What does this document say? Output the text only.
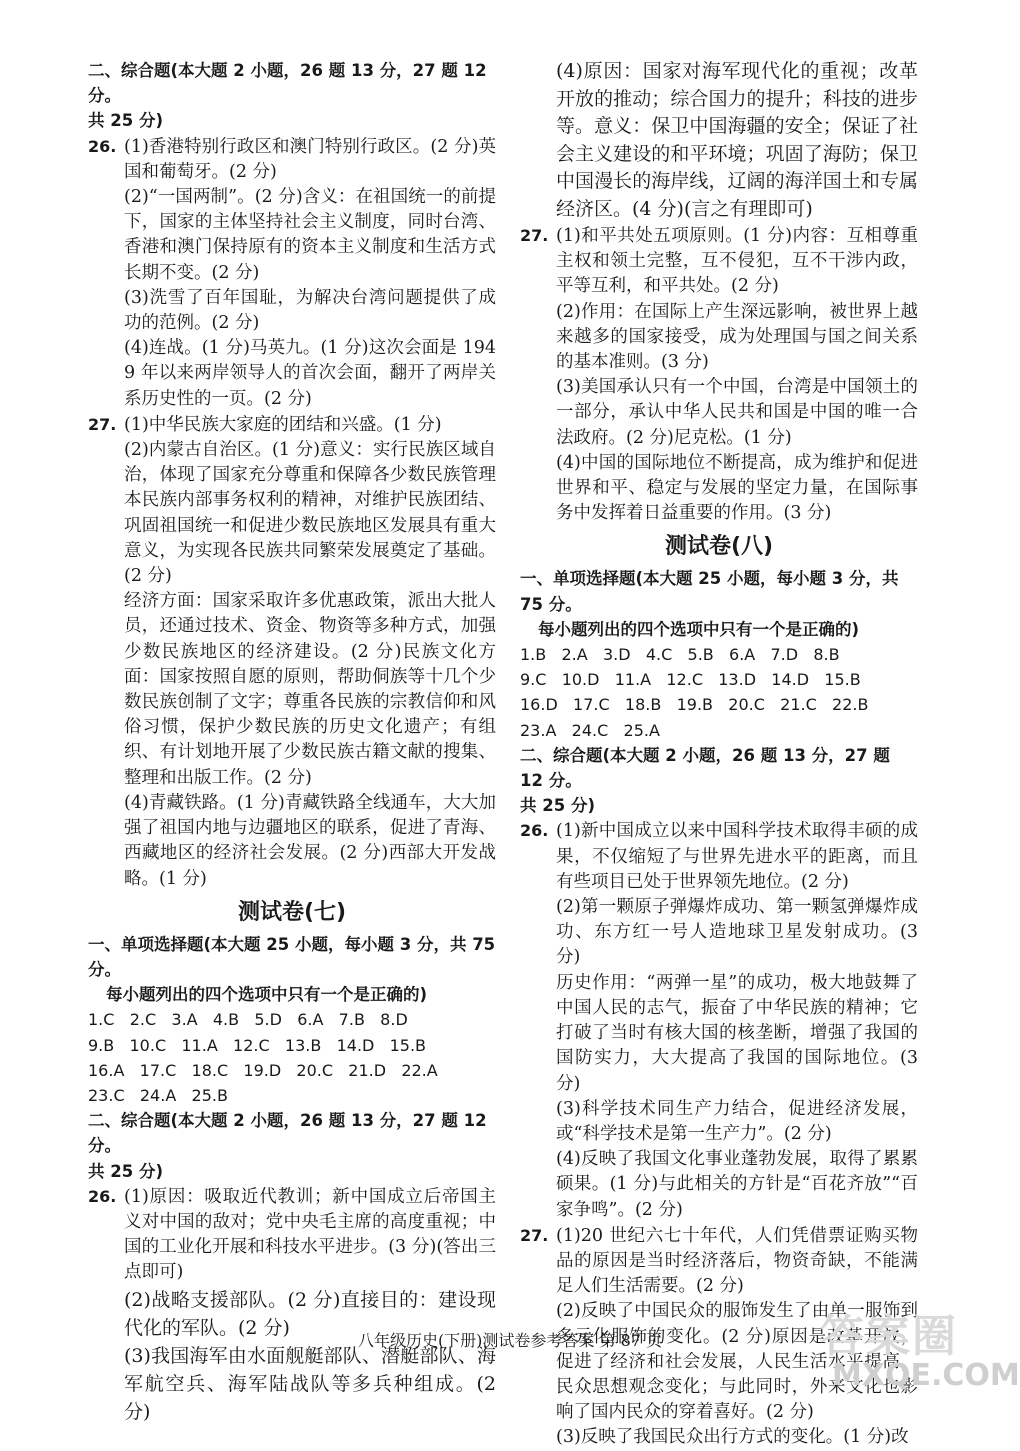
二、综合题(本大题 2 小题，26 题 13 分，27 题 12 分。

共 25 分)

26. (1)香港特别行政区和澳门特别行政区。(2 分)英国和葡萄牙。(2 分)

(2)“一国两制”。(2 分)含义：在祖国统一的前提下，国家的主体坚持社会主义制度，同时台湾、香港和澳门保持原有的资本主义制度和生活方式长期不变。(2 分)

(3)洗雪了百年国耻，为解决台湾问题提供了成功的范例。(2 分)

(4)连战。(1 分)马英九。(1 分)这次会面是 1949 年以来两岸领导人的首次会面，翻开了两岸关系历史性的一页。(2 分)

27. (1)中华民族大家庭的团结和兴盛。(1 分)

(2)内蒙古自治区。(1 分)意义：实行民族区域自治，体现了国家充分尊重和保障各少数民族管理本民族内部事务权利的精神，对维护民族团结、巩固祖国统一和促进少数民族地区发展具有重大意义，为实现各民族共同繁荣发展奠定了基础。(2 分)

经济方面：国家采取许多优惠政策，派出大批人员，还通过技术、资金、物资等多种方式，加强少数民族地区的经济建设。(2 分)民族文化方面：国家按照自愿的原则，帮助侗族等十几个少数民族创制了文字；尊重各民族的宗教信仰和风俗习惯，保护少数民族的历史文化遗产；有组织、有计划地开展了少数民族古籍文献的搜集、整理和出版工作。(2 分)

(4)青藏铁路。(1 分)青藏铁路全线通车，大大加强了祖国内地与边疆地区的联系，促进了青海、西藏地区的经济社会发展。(2 分)西部大开发战略。(1 分)

测试卷(七)

一、单项选择题(本大题 25 小题，每小题 3 分，共 75 分。

每小题列出的四个选项中只有一个是正确的)

1.C   2.C   3.A   4.B   5.D   6.A   7.B   8.D

9.B   10.C   11.A   12.C   13.B   14.D   15.B

16.A   17.C   18.C   19.D   20.C   21.D   22.A

23.C   24.A   25.B

二、综合题(本大题 2 小题，26 题 13 分，27 题 12 分。

共 25 分)

26. (1)原因：吸取近代教训；新中国成立后帝国主义对中国的敌对；党中央毛主席的高度重视；中国的工业化开展和科技水平进步。(3 分)(答出三点即可)

(2)战略支援部队。(2 分)直接目的：建设现代化的军队。(2 分)

(3)我国海军由水面舰艇部队、潜艇部队、海军航空兵、海军陆战队等多兵种组成。(2 分)

(4)原因：国家对海军现代化的重视；改革开放的推动；综合国力的提升；科技的进步等。意义：保卫中国海疆的安全；保证了社会主义建设的和平环境；巩固了海防；保卫中国漫长的海岸线，辽阔的海洋国土和专属经济区。(4 分)(言之有理即可)

27. (1)和平共处五项原则。(1 分)内容：互相尊重主权和领土完整，互不侵犯，互不干涉内政，平等互利，和平共处。(2 分)

(2)作用：在国际上产生深远影响，被世界上越来越多的国家接受，成为处理国与国之间关系的基本准则。(3 分)

(3)美国承认只有一个中国，台湾是中国领土的一部分，承认中华人民共和国是中国的唯一合法政府。(2 分)尼克松。(1 分)

(4)中国的国际地位不断提高，成为维护和促进世界和平、稳定与发展的坚定力量，在国际事务中发挥着日益重要的作用。(3 分)

测试卷(八)

一、单项选择题(本大题 25 小题，每小题 3 分，共 75 分。

每小题列出的四个选项中只有一个是正确的)

1.B   2.A   3.D   4.C   5.B   6.A   7.D   8.B

9.C   10.D   11.A   12.C   13.D   14.D   15.B

16.D   17.C   18.B   19.B   20.C   21.C   22.B

23.A   24.C   25.A

二、综合题(本大题 2 小题，26 题 13 分，27 题 12 分。

共 25 分)

26. (1)新中国成立以来中国科学技术取得丰硕的成果，不仅缩短了与世界先进水平的距离，而且有些项目已处于世界领先地位。(2 分)

(2)第一颗原子弹爆炸成功、第一颗氢弹爆炸成功、东方红一号人造地球卫星发射成功。(3 分)

历史作用：“两弹一星”的成功，极大地鼓舞了中国人民的志气，振奋了中华民族的精神；它打破了当时有核大国的核垄断，增强了我国的国防实力，大大提高了我国的国际地位。(3 分)

(3)科学技术同生产力结合，促进经济发展，或“科学技术是第一生产力”。(2 分)

(4)反映了我国文化事业蓬勃发展，取得了累累硕果。(1 分)与此相关的方针是“百花齐放”“百家争鸣”。(2 分)

27. (1)20 世纪六七十年代，人们凭借票证购买物品的原因是当时经济落后，物资奇缺，不能满足人们生活需要。(2 分)

(2)反映了中国民众的服饰发生了由单一服饰到多元化服饰的变化。(2 分)原因是改革开放，促进了经济和社会发展，人民生活水平提高，民众思想观念变化；与此同时，外来文化也影响了国内民众的穿着喜好。(2 分)

(3)反映了我国民众出行方式的变化。(1 分)改

八年级历史(下册)测试卷参考答案 第 87 页	答案圈
MXQE.COM
